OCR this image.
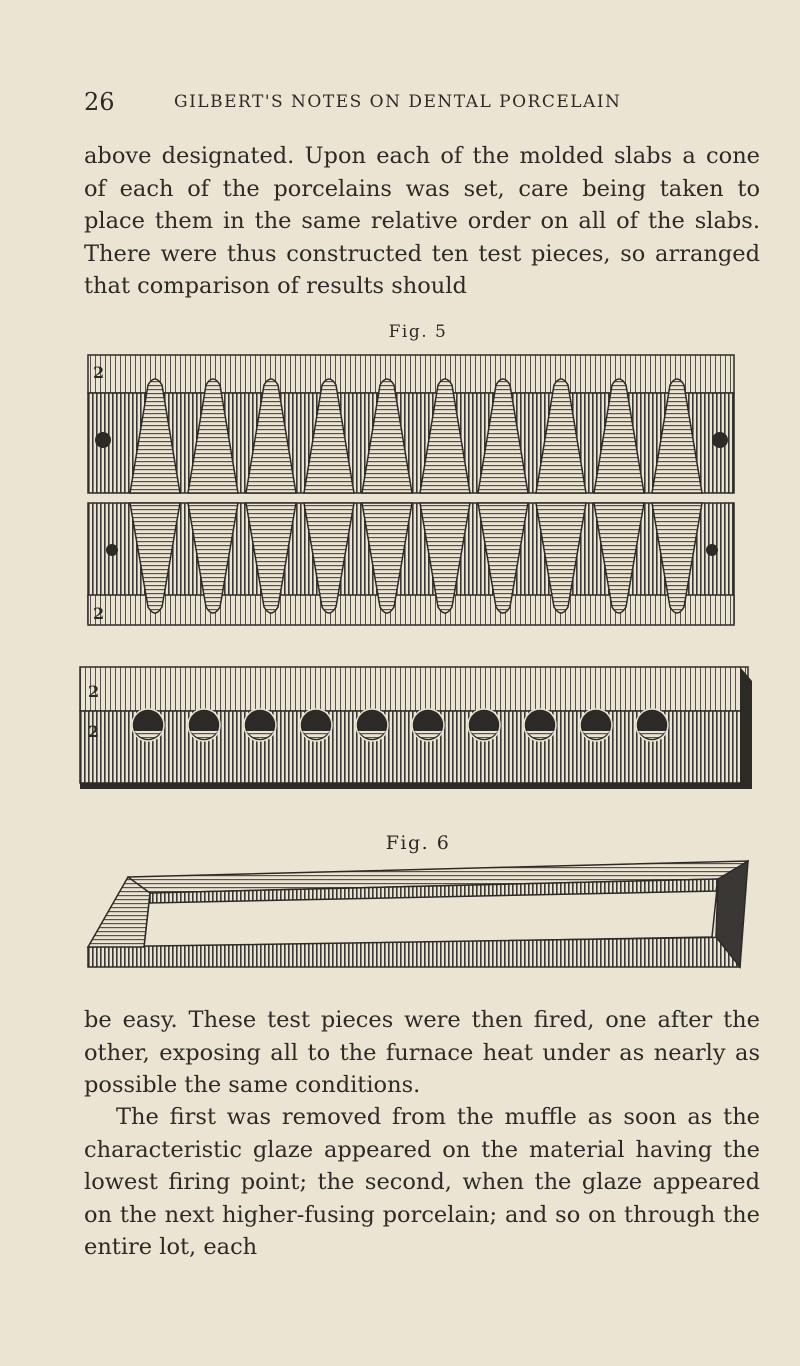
26	GILBERT'S NOTES ON DENTAL PORCELAIN

above designated. Upon each of the molded slabs a cone of each of the porcelains was set, care being taken to place them in the same relative order on all of the slabs. There were thus constructed ten test pieces, so arranged that comparison of results should

Fig. 5
2
2
2
2
Fig. 6

be easy. These test pieces were then fired, one after the other, exposing all to the furnace heat under as nearly as possible the same conditions.

The first was removed from the muffle as soon as the characteristic glaze appeared on the material having the lowest firing point; the second, when the glaze appeared on the next higher-fusing porcelain; and so on through the entire lot, each
